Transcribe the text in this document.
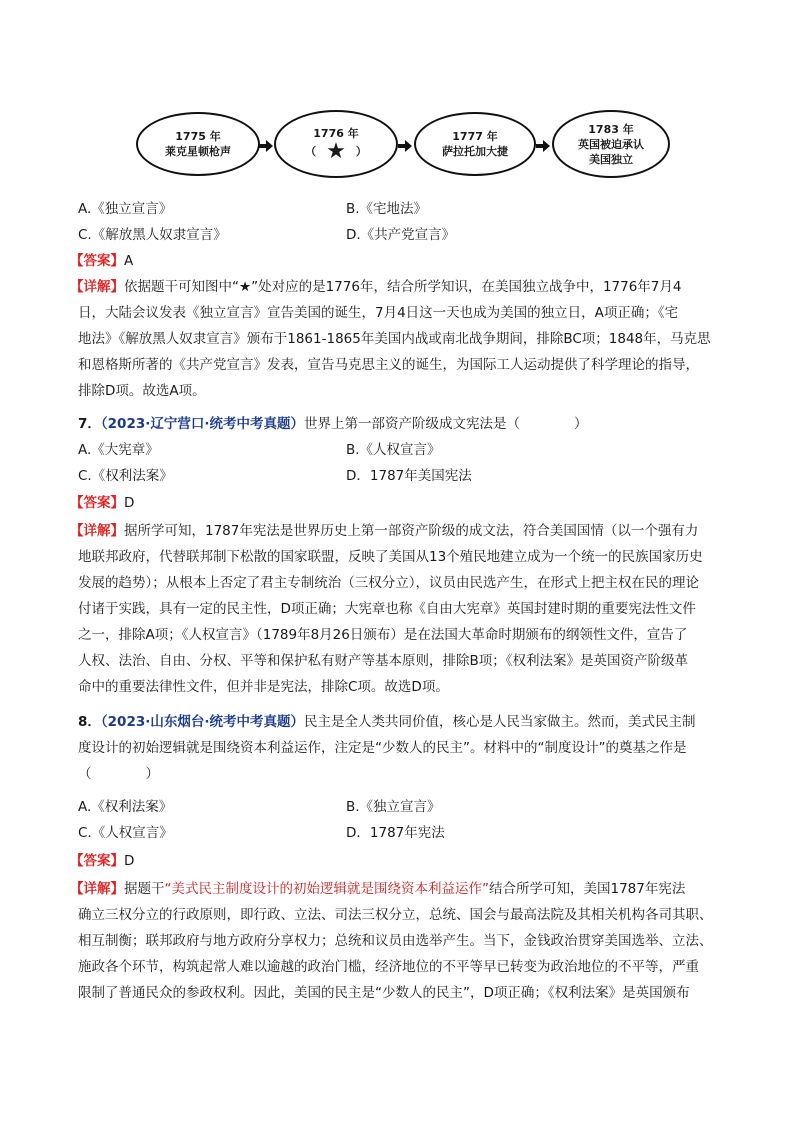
1775 年
莱克星顿枪声
1776 年
（ ★ ）
1777 年
萨拉托加大捷
1783 年
英国被迫承认
美国独立
A.《独立宣言》	B.《宅地法》
C.《解放黑人奴隶宣言》	D.《共产党宣言》
【答案】A
【详解】依据题干可知图中“★”处对应的是1776年，结合所学知识，在美国独立战争中，1776年7月4
日，大陆会议发表《独立宣言》宣告美国的诞生，7月4日这一天也成为美国的独立日，A项正确；《宅
地法》《解放黑人奴隶宣言》颁布于1861-1865年美国内战或南北战争期间，排除BC项；1848年，马克思
和恩格斯所著的《共产党宣言》发表，宣告马克思主义的诞生，为国际工人运动提供了科学理论的指导，
排除D项。故选A项。
7．（2023·辽宁营口·统考中考真题）世界上第一部资产阶级成文宪法是（　　　　）
A.《大宪章》	B.《人权宣言》
C.《权利法案》	D．1787年美国宪法
【答案】D
【详解】据所学可知，1787年宪法是世界历史上第一部资产阶级的成文法，符合美国国情（以一个强有力
地联邦政府，代替联邦制下松散的国家联盟，反映了美国从13个殖民地建立成为一个统一的民族国家历史
发展的趋势）；从根本上否定了君主专制统治（三权分立），议员由民选产生，在形式上把主权在民的理论
付诸于实践，具有一定的民主性，D项正确；大宪章也称《自由大宪章》英国封建时期的重要宪法性文件
之一，排除A项；《人权宣言》（1789年8月26日颁布）是在法国大革命时期颁布的纲领性文件，宣告了
人权、法治、自由、分权、平等和保护私有财产等基本原则，排除B项；《权利法案》是英国资产阶级革
命中的重要法律性文件，但并非是宪法，排除C项。故选D项。
8．（2023·山东烟台·统考中考真题）民主是全人类共同价值，核心是人民当家做主。然而，美式民主制
度设计的初始逻辑就是围绕资本利益运作，注定是“少数人的民主”。材料中的“制度设计”的奠基之作是
（　　　　）
A.《权利法案》	B.《独立宣言》
C.《人权宣言》	D．1787年宪法
【答案】D
【详解】据题干“美式民主制度设计的初始逻辑就是围绕资本利益运作”结合所学可知，美国1787年宪法
确立三权分立的行政原则，即行政、立法、司法三权分立，总统、国会与最高法院及其相关机构各司其职、
相互制衡；联邦政府与地方政府分享权力；总统和议员由选举产生。当下，金钱政治贯穿美国选举、立法、
施政各个环节，构筑起常人难以逾越的政治门槛，经济地位的不平等早已转变为政治地位的不平等，严重
限制了普通民众的参政权利。因此，美国的民主是“少数人的民主”，D项正确；《权利法案》是英国颁布
